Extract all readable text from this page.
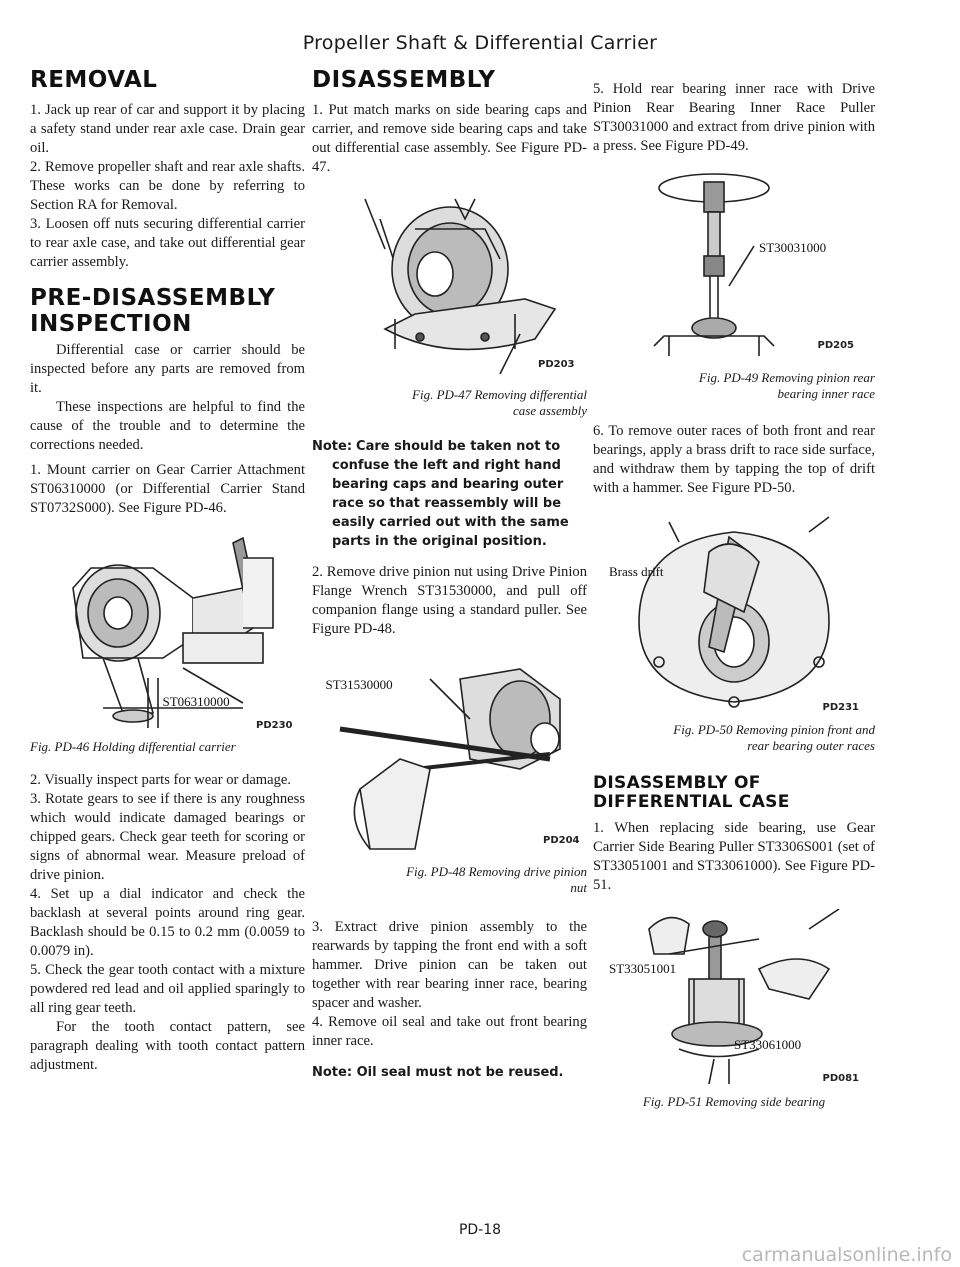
Propeller Shaft & Differential Carrier
REMOVAL

1. Jack up rear of car and support it by placing a safety stand under rear axle case. Drain gear oil.

2. Remove propeller shaft and rear axle shafts. These works can be done by referring to Section RA for Removal.

3. Loosen off nuts securing differential carrier to rear axle case, and take out differential gear carrier assembly.

PRE-DISASSEMBLY
INSPECTION

Differential case or carrier should be inspected before any parts are removed from it.

These inspections are helpful to find the cause of the trouble and to determine the corrections needed.

1. Mount carrier on Gear Carrier Attachment ST06310000 (or Differential Carrier Stand ST0732S000). See Figure PD-46.

ST06310000
PD230
Fig. PD-46 Holding differential carrier

2. Visually inspect parts for wear or damage.

3. Rotate gears to see if there is any roughness which would indicate damaged bearings or chipped gears. Check gear teeth for scoring or signs of abnormal wear. Measure preload of drive pinion.

4. Set up a dial indicator and check the backlash at several points around ring gear. Backlash should be 0.15 to 0.2 mm (0.0059 to 0.0079 in).

5. Check the gear tooth contact with a mixture powdered red lead and oil applied sparingly to all ring gear teeth.

For the tooth contact pattern, see paragraph dealing with tooth contact pattern adjustment.

DISASSEMBLY

1. Put match marks on side bearing caps and carrier, and remove side bearing caps and take out differential case assembly. See Figure PD-47.

PD203
Fig. PD-47 Removing differential
case assembly
Note: Care should be taken not to
confuse the left and right hand bearing caps and bearing outer race so that reassembly will be easily carried out with the same parts in the original position.

2. Remove drive pinion nut using Drive Pinion Flange Wrench ST31530000, and pull off companion flange using a standard puller. See Figure PD-48.

ST31530000
PD204
Fig. PD-48 Removing drive pinion
nut

3. Extract drive pinion assembly to the rearwards by tapping the front end with a soft hammer. Drive pinion can be taken out together with rear bearing inner race, bearing spacer and washer.

4. Remove oil seal and take out front bearing inner race.

Note: Oil seal must not be reused.

5. Hold rear bearing inner race with Drive Pinion Rear Bearing Inner Race Puller ST30031000 and extract from drive pinion with a press. See Figure PD-49.

ST30031000
PD205
Fig. PD-49 Removing pinion rear
bearing inner race

6. To remove outer races of both front and rear bearings, apply a brass drift to race side surface, and withdraw them by tapping the top of drift with a hammer. See Figure PD-50.

Brass drift
PD231
Fig. PD-50 Removing pinion front and
rear bearing outer races
DISASSEMBLY OF
DIFFERENTIAL CASE

1. When replacing side bearing, use Gear Carrier Side Bearing Puller ST3306S001 (set of ST33051001 and ST33061000). See Figure PD-51.

ST33051001
ST33061000
PD081
Fig. PD-51 Removing side bearing
PD-18
carmanualsonline.info
